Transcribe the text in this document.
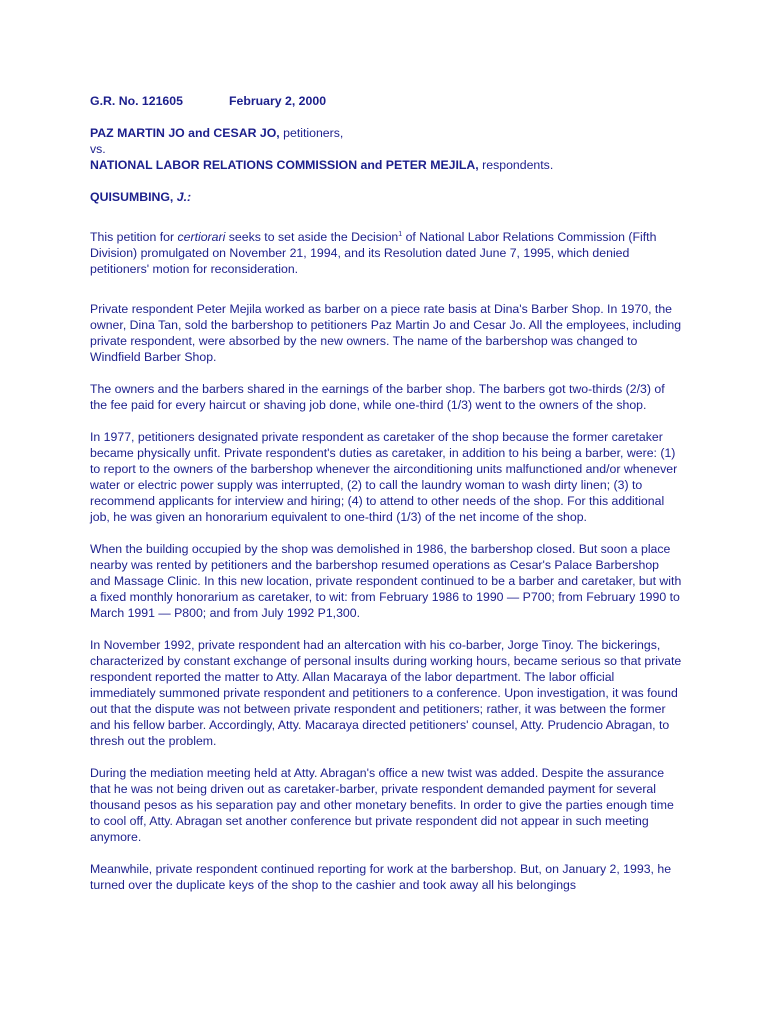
G.R. No. 121605	February 2, 2000
PAZ MARTIN JO and CESAR JO, petitioners,
vs.
NATIONAL LABOR RELATIONS COMMISSION and PETER MEJILA, respondents.
QUISUMBING, J.:

This petition for certiorari seeks to set aside the Decision$^1$ of National Labor Relations Commission (Fifth Division) promulgated on November 21, 1994, and its Resolution dated June 7, 1995, which denied petitioners' motion for reconsideration.

Private respondent Peter Mejila worked as barber on a piece rate basis at Dina's Barber Shop. In 1970, the owner, Dina Tan, sold the barbershop to petitioners Paz Martin Jo and Cesar Jo. All the employees, including private respondent, were absorbed by the new owners. The name of the barbershop was changed to Windfield Barber Shop.

The owners and the barbers shared in the earnings of the barber shop. The barbers got two-thirds (2/3) of the fee paid for every haircut or shaving job done, while one-third (1/3) went to the owners of the shop.

In 1977, petitioners designated private respondent as caretaker of the shop because the former caretaker became physically unfit. Private respondent's duties as caretaker, in addition to his being a barber, were: (1) to report to the owners of the barbershop whenever the airconditioning units malfunctioned and/or whenever water or electric power supply was interrupted, (2) to call the laundry woman to wash dirty linen; (3) to recommend applicants for interview and hiring; (4) to attend to other needs of the shop. For this additional job, he was given an honorarium equivalent to one-third (1/3) of the net income of the shop.

When the building occupied by the shop was demolished in 1986, the barbershop closed. But soon a place nearby was rented by petitioners and the barbershop resumed operations as Cesar's Palace Barbershop and Massage Clinic. In this new location, private respondent continued to be a barber and caretaker, but with a fixed monthly honorarium as caretaker, to wit: from February 1986 to 1990 — P700; from February 1990 to March 1991 — P800; and from July 1992 P1,300.

In November 1992, private respondent had an altercation with his co-barber, Jorge Tinoy. The bickerings, characterized by constant exchange of personal insults during working hours, became serious so that private respondent reported the matter to Atty. Allan Macaraya of the labor department. The labor official immediately summoned private respondent and petitioners to a conference. Upon investigation, it was found out that the dispute was not between private respondent and petitioners; rather, it was between the former and his fellow barber. Accordingly, Atty. Macaraya directed petitioners' counsel, Atty. Prudencio Abragan, to thresh out the problem.

During the mediation meeting held at Atty. Abragan's office a new twist was added. Despite the assurance that he was not being driven out as caretaker-barber, private respondent demanded payment for several thousand pesos as his separation pay and other monetary benefits. In order to give the parties enough time to cool off, Atty. Abragan set another conference but private respondent did not appear in such meeting anymore.

Meanwhile, private respondent continued reporting for work at the barbershop. But, on January 2, 1993, he turned over the duplicate keys of the shop to the cashier and took away all his belongings
